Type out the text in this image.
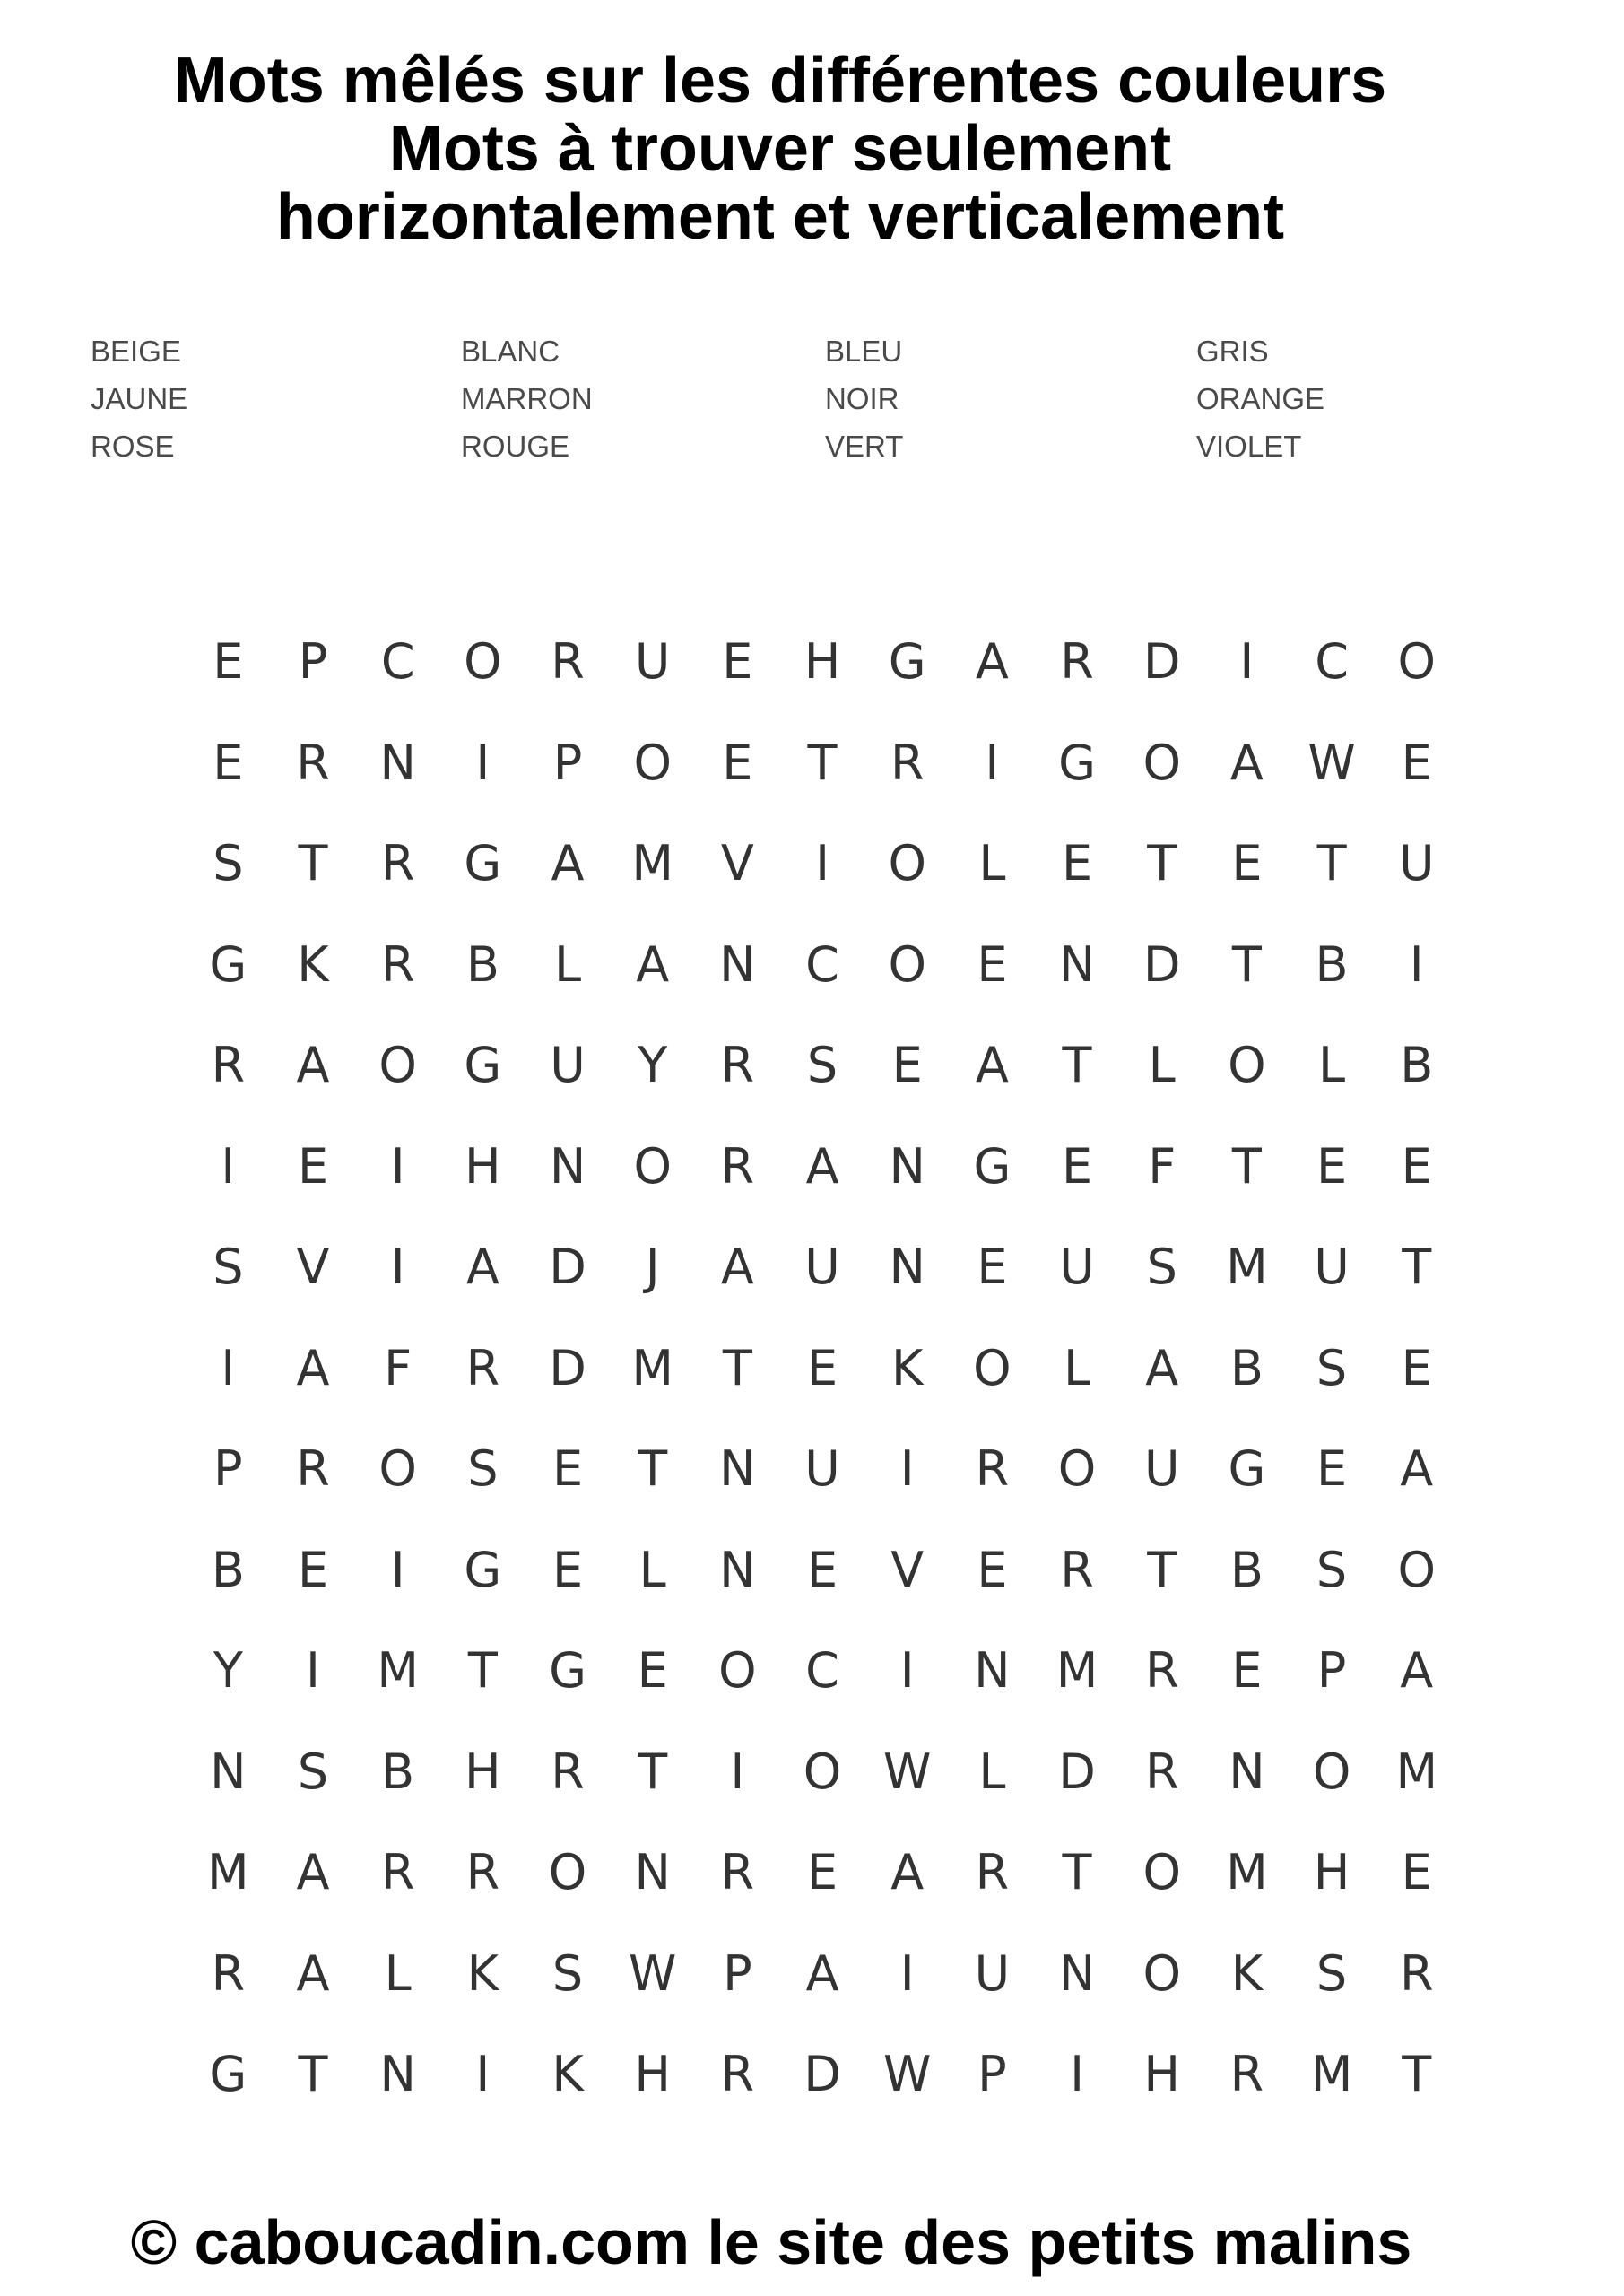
Mots mêlés sur les différentes couleurs
Mots à trouver seulement
horizontalement et verticalement
BEIGE
JAUNE
ROSE
BLANC
MARRON
ROUGE
BLEU
NOIR
VERT
GRIS
ORANGE
VIOLET
E	P	C	O	R	U	E	H G	A	R	D	I	C	O
E	R	N	I	P	O	E	T	R	I	G O	A W E
S	T	R	G	A M V	I	O	L	E	T	E	T	U
G	K	R	B	L	A	N	C	O	E	N D	T	B	I
R	A	O G U	Y	R	S	E	A	T	L	O	L	B
I	E	I	H	N O	R	A	N G	E	F	T	E	E
S	V	I	A	D	J	A	U	N	E	U	S	M U	T
I	A	F	R	D M	T	E	K	O	L	A	B	S	E
P	R	O	S	E	T	N	U	I	R	O U G	E	A
B	E	I	G	E	L	N	E	V	E	R	T	B	S	O
Y	I	M	T	G	E	O	C	I	N M R	E	P	A
N	S	B	H	R	T	I	O W L	D	R	N O M
M A	R	R	O N	R	E	A	R	T	O M H	E
R	A	L	K	S W P	A	I	U	N O	K	S	R
G	T	N	I	K	H	R	D W P	I	H	R M	T
© caboucadin.com le site des petits malins
